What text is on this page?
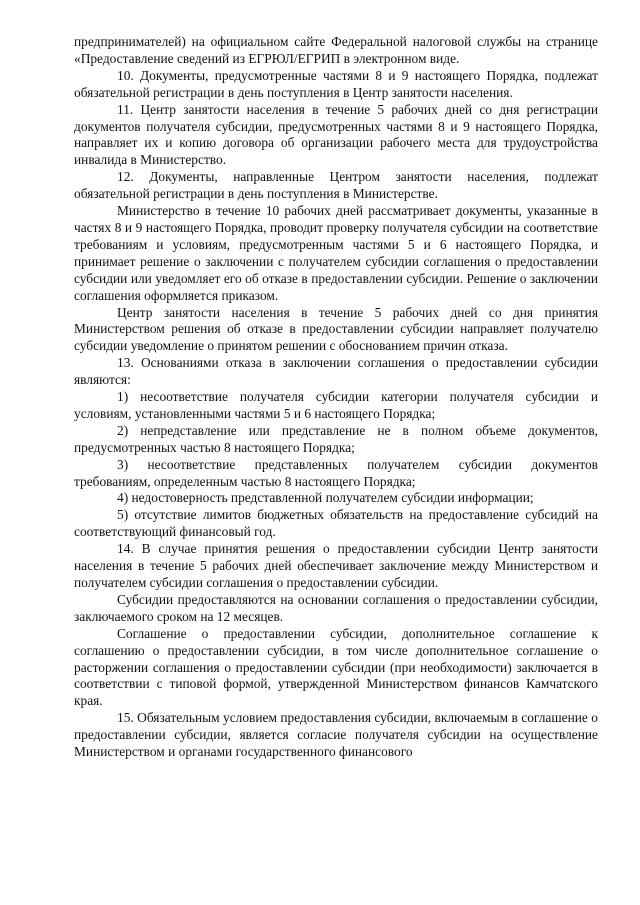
предпринимателей) на официальном сайте Федеральной налоговой службы на странице «Предоставление сведений из ЕГРЮЛ/ЕГРИП в электронном виде.

10. Документы, предусмотренные частями 8 и 9 настоящего Порядка, подлежат обязательной регистрации в день поступления в Центр занятости населения.

11. Центр занятости населения в течение 5 рабочих дней со дня регистрации документов получателя субсидии, предусмотренных частями 8 и 9 настоящего Порядка, направляет их и копию договора об организации рабочего места для трудоустройства инвалида в Министерство.

12. Документы, направленные Центром занятости населения, подлежат обязательной регистрации в день поступления в Министерстве.

Министерство в течение 10 рабочих дней рассматривает документы, указанные в частях 8 и 9 настоящего Порядка, проводит проверку получателя субсидии на соответствие требованиям и условиям, предусмотренным частями 5 и 6 настоящего Порядка, и принимает решение о заключении с получателем субсидии соглашения о предоставлении субсидии или уведомляет его об отказе в предоставлении субсидии. Решение о заключении соглашения оформляется приказом.

Центр занятости населения в течение 5 рабочих дней со дня принятия Министерством решения об отказе в предоставлении субсидии направляет получателю субсидии уведомление о принятом решении с обоснованием причин отказа.

13. Основаниями отказа в заключении соглашения о предоставлении субсидии являются:

1) несоответствие получателя субсидии категории получателя субсидии и условиям, установленными частями 5 и 6 настоящего Порядка;

2) непредставление или представление не в полном объеме документов, предусмотренных частью 8 настоящего Порядка;

3) несоответствие представленных получателем субсидии документов требованиям, определенным частью 8 настоящего Порядка;

4) недостоверность представленной получателем субсидии информации;

5) отсутствие лимитов бюджетных обязательств на предоставление субсидий на соответствующий финансовый год.

14. В случае принятия решения о предоставлении субсидии Центр занятости населения в течение 5 рабочих дней обеспечивает заключение между Министерством и получателем субсидии соглашения о предоставлении субсидии.

Субсидии предоставляются на основании соглашения о предоставлении субсидии, заключаемого сроком на 12 месяцев.

Соглашение о предоставлении субсидии, дополнительное соглашение к соглашению о предоставлении субсидии, в том числе дополнительное соглашение о расторжении соглашения о предоставлении субсидии (при необходимости) заключается в соответствии с типовой формой, утвержденной Министерством финансов Камчатского края.

15. Обязательным условием предоставления субсидии, включаемым в соглашение о предоставлении субсидии, является согласие получателя субсидии на осуществление Министерством и органами государственного финансового
